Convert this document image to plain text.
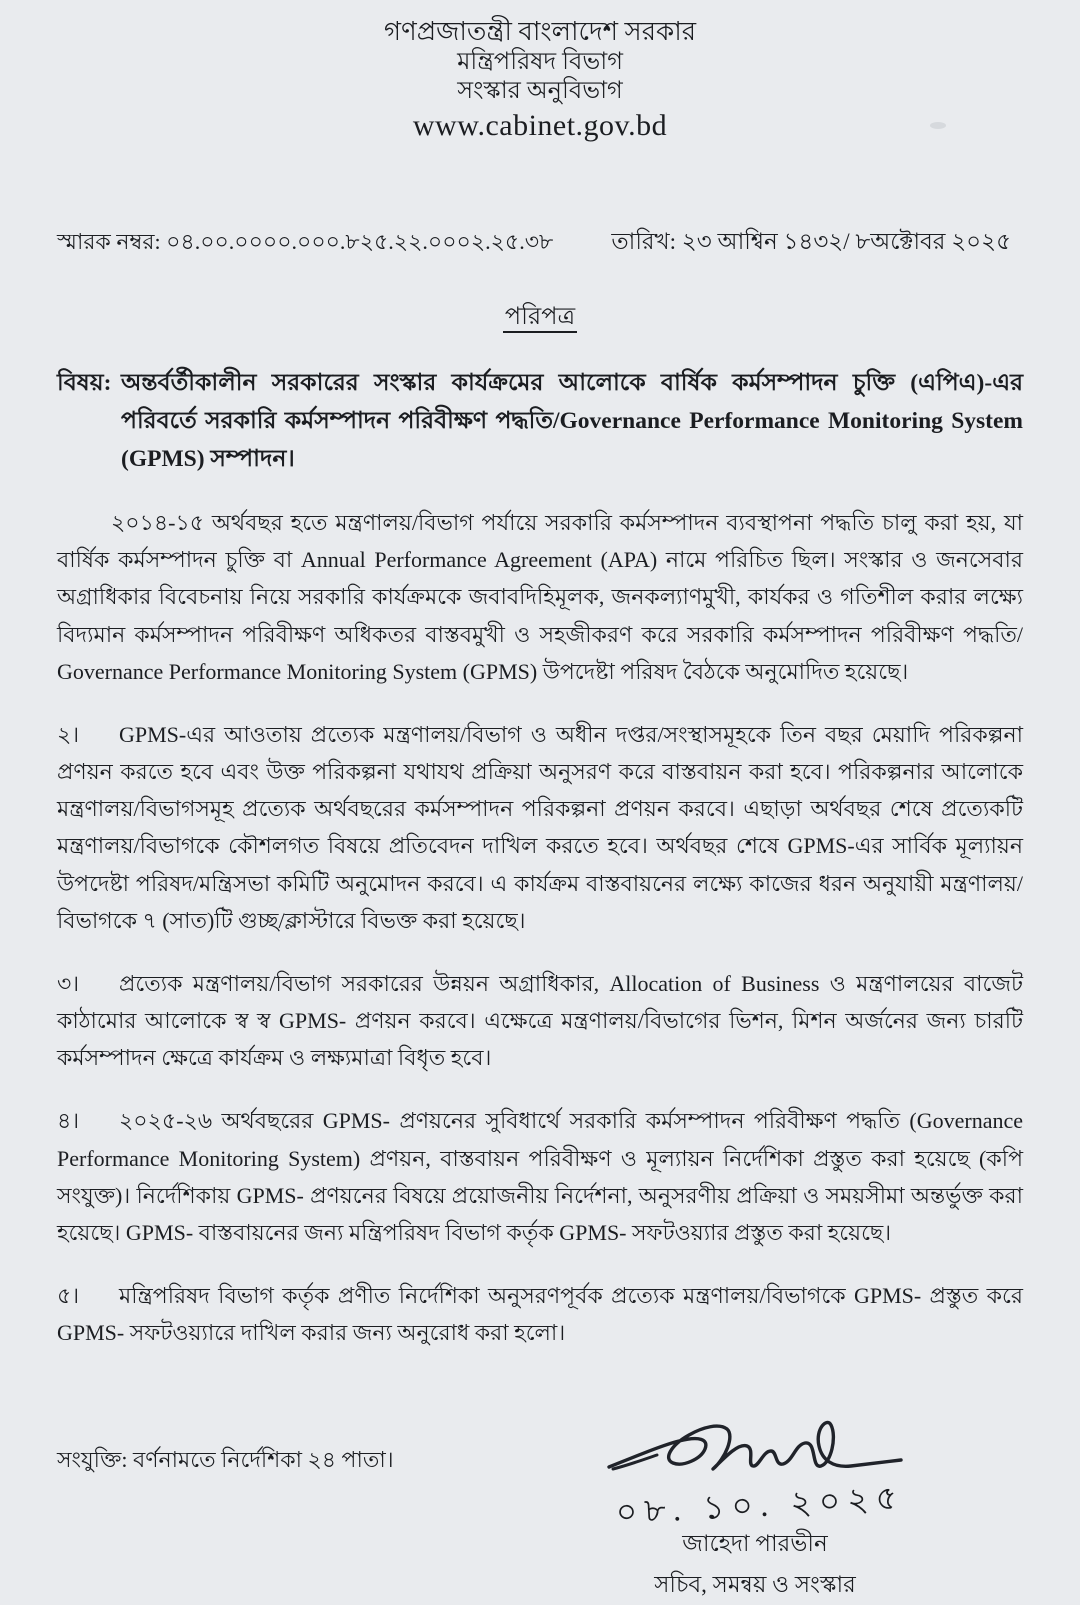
গণপ্রজাতন্ত্রী বাংলাদেশ সরকার
মন্ত্রিপরিষদ বিভাগ
সংস্কার অনুবিভাগ
www.cabinet.gov.bd
স্মারক নম্বর: ০৪.০০.০০০০.০০০.৮২৫.২২.০০০২.২৫.৩৮	তারিখ: ২৩ আশ্বিন ১৪৩২/ ৮অক্টোবর ২০২৫
পরিপত্র
বিষয়: অন্তর্বর্তীকালীন সরকারের সংস্কার কার্যক্রমের আলোকে বার্ষিক কর্মসম্পাদন চুক্তি (এপিএ)-এর পরিবর্তে সরকারি কর্মসম্পাদন পরিবীক্ষণ পদ্ধতি/Governance Performance Monitoring System (GPMS) সম্পাদন।

২০১৪-১৫ অর্থবছর হতে মন্ত্রণালয়/বিভাগ পর্যায়ে সরকারি কর্মসম্পাদন ব্যবস্থাপনা পদ্ধতি চালু করা হয়, যা বার্ষিক কর্মসম্পাদন চুক্তি বা Annual Performance Agreement (APA) নামে পরিচিত ছিল। সংস্কার ও জনসেবার অগ্রাধিকার বিবেচনায় নিয়ে সরকারি কার্যক্রমকে জবাবদিহিমূলক, জনকল্যাণমুখী, কার্যকর ও গতিশীল করার লক্ষ্যে বিদ্যমান কর্মসম্পাদন পরিবীক্ষণ অধিকতর বাস্তবমুখী ও সহজীকরণ করে সরকারি কর্মসম্পাদন পরিবীক্ষণ পদ্ধতি/ Governance Performance Monitoring System (GPMS) উপদেষ্টা পরিষদ বৈঠকে অনুমোদিত হয়েছে।

২। GPMS-এর আওতায় প্রত্যেক মন্ত্রণালয়/বিভাগ ও অধীন দপ্তর/সংস্থাসমূহকে তিন বছর মেয়াদি পরিকল্পনা প্রণয়ন করতে হবে এবং উক্ত পরিকল্পনা যথাযথ প্রক্রিয়া অনুসরণ করে বাস্তবায়ন করা হবে। পরিকল্পনার আলোকে মন্ত্রণালয়/বিভাগসমূহ প্রত্যেক অর্থবছরের কর্মসম্পাদন পরিকল্পনা প্রণয়ন করবে। এছাড়া অর্থবছর শেষে প্রত্যেকটি মন্ত্রণালয়/বিভাগকে কৌশলগত বিষয়ে প্রতিবেদন দাখিল করতে হবে। অর্থবছর শেষে GPMS-এর সার্বিক মূল্যায়ন উপদেষ্টা পরিষদ/মন্ত্রিসভা কমিটি অনুমোদন করবে। এ কার্যক্রম বাস্তবায়নের লক্ষ্যে কাজের ধরন অনুযায়ী মন্ত্রণালয়/বিভাগকে ৭ (সাত)টি গুচ্ছ/ক্লাস্টারে বিভক্ত করা হয়েছে।

৩। প্রত্যেক মন্ত্রণালয়/বিভাগ সরকারের উন্নয়ন অগ্রাধিকার, Allocation of Business ও মন্ত্রণালয়ের বাজেট কাঠামোর আলোকে স্ব স্ব GPMS- প্রণয়ন করবে। এক্ষেত্রে মন্ত্রণালয়/বিভাগের ভিশন, মিশন অর্জনের জন্য চারটি কর্মসম্পাদন ক্ষেত্রে কার্যক্রম ও লক্ষ্যমাত্রা বিধৃত হবে।

৪। ২০২৫-২৬ অর্থবছরের GPMS- প্রণয়নের সুবিধার্থে সরকারি কর্মসম্পাদন পরিবীক্ষণ পদ্ধতি (Governance Performance Monitoring System) প্রণয়ন, বাস্তবায়ন পরিবীক্ষণ ও মূল্যায়ন নির্দেশিকা প্রস্তুত করা হয়েছে (কপি সংযুক্ত)। নির্দেশিকায় GPMS- প্রণয়নের বিষয়ে প্রয়োজনীয় নির্দেশনা, অনুসরণীয় প্রক্রিয়া ও সময়সীমা অন্তর্ভুক্ত করা হয়েছে। GPMS- বাস্তবায়নের জন্য মন্ত্রিপরিষদ বিভাগ কর্তৃক GPMS- সফটওয়্যার প্রস্তুত করা হয়েছে।

৫। মন্ত্রিপরিষদ বিভাগ কর্তৃক প্রণীত নির্দেশিকা অনুসরণপূর্বক প্রত্যেক মন্ত্রণালয়/বিভাগকে GPMS- প্রস্তুত করে GPMS- সফটওয়্যারে দাখিল করার জন্য অনুরোধ করা হলো।

সংযুক্তি: বর্ণনামতে নির্দেশিকা ২৪ পাতা।
০৮. ১০. ২০২৫
জাহেদা পারভীন
সচিব, সমন্বয় ও সংস্কার
